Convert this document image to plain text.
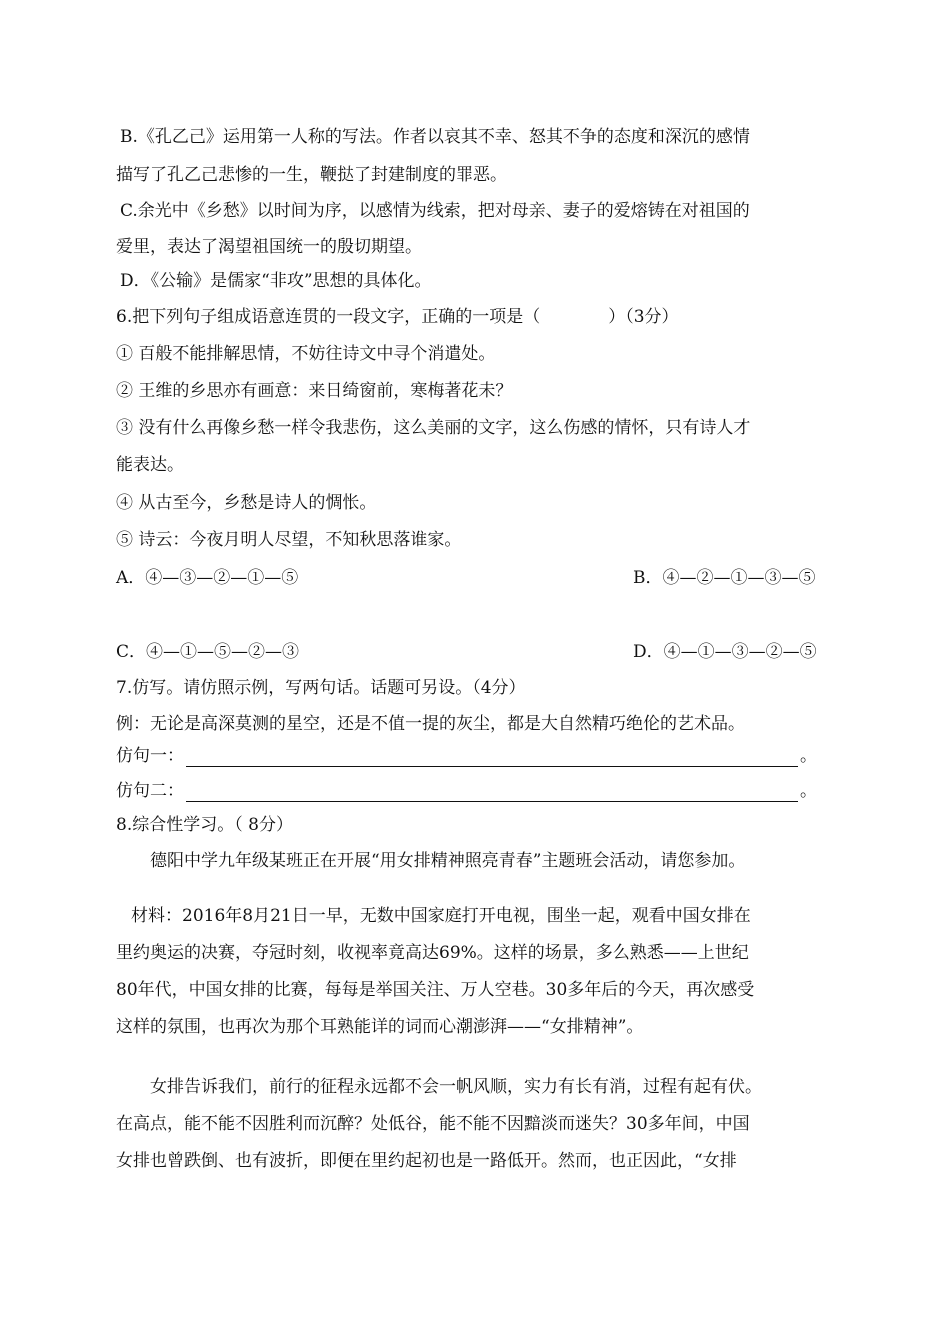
B.《孔乙己》运用第一人称的写法。作者以哀其不幸、怒其不争的态度和深沉的感情
描写了孔乙己悲惨的一生，鞭挞了封建制度的罪恶。
C.余光中《乡愁》以时间为序，以感情为线索，把对母亲、妻子的爱熔铸在对祖国的
爱里，表达了渴望祖国统一的殷切期望。
D．《公输》是儒家“非攻”思想的具体化。
6.把下列句子组成语意连贯的一段文字，正确的一项是（　　　　）（3分）
① 百般不能排解思情，不妨往诗文中寻个消遣处。
② 王维的乡思亦有画意：来日绮窗前，寒梅著花未？
③ 没有什么再像乡愁一样令我悲伤，这么美丽的文字，这么伤感的情怀，只有诗人才
能表达。
④ 从古至今，乡愁是诗人的惆怅。
⑤ 诗云：今夜月明人尽望，不知秋思落谁家。
A．④—③—②—①—⑤	B．④—②—①—③—⑤
C．④—①—⑤—②—③	D．④—①—③—②—⑤
7.仿写。请仿照示例，写两句话。话题可另设。（4分）
例：无论是高深莫测的星空，还是不值一提的灰尘，都是大自然精巧绝伦的艺术品。
仿句一：	。
仿句二：	。
8.综合性学习。（ 8分）
德阳中学九年级某班正在开展“用女排精神照亮青春”主题班会活动，请您参加。
材料：2016年8月21日一早，无数中国家庭打开电视，围坐一起，观看中国女排在
里约奥运的决赛，夺冠时刻，收视率竟高达69%。这样的场景，多么熟悉——上世纪
80年代，中国女排的比赛，每每是举国关注、万人空巷。30多年后的今天，再次感受
这样的氛围，也再次为那个耳熟能详的词而心潮澎湃——“女排精神”。
女排告诉我们，前行的征程永远都不会一帆风顺，实力有长有消，过程有起有伏。
在高点，能不能不因胜利而沉醉？处低谷，能不能不因黯淡而迷失？30多年间，中国
女排也曾跌倒、也有波折，即便在里约起初也是一路低开。然而，也正因此，“女排
